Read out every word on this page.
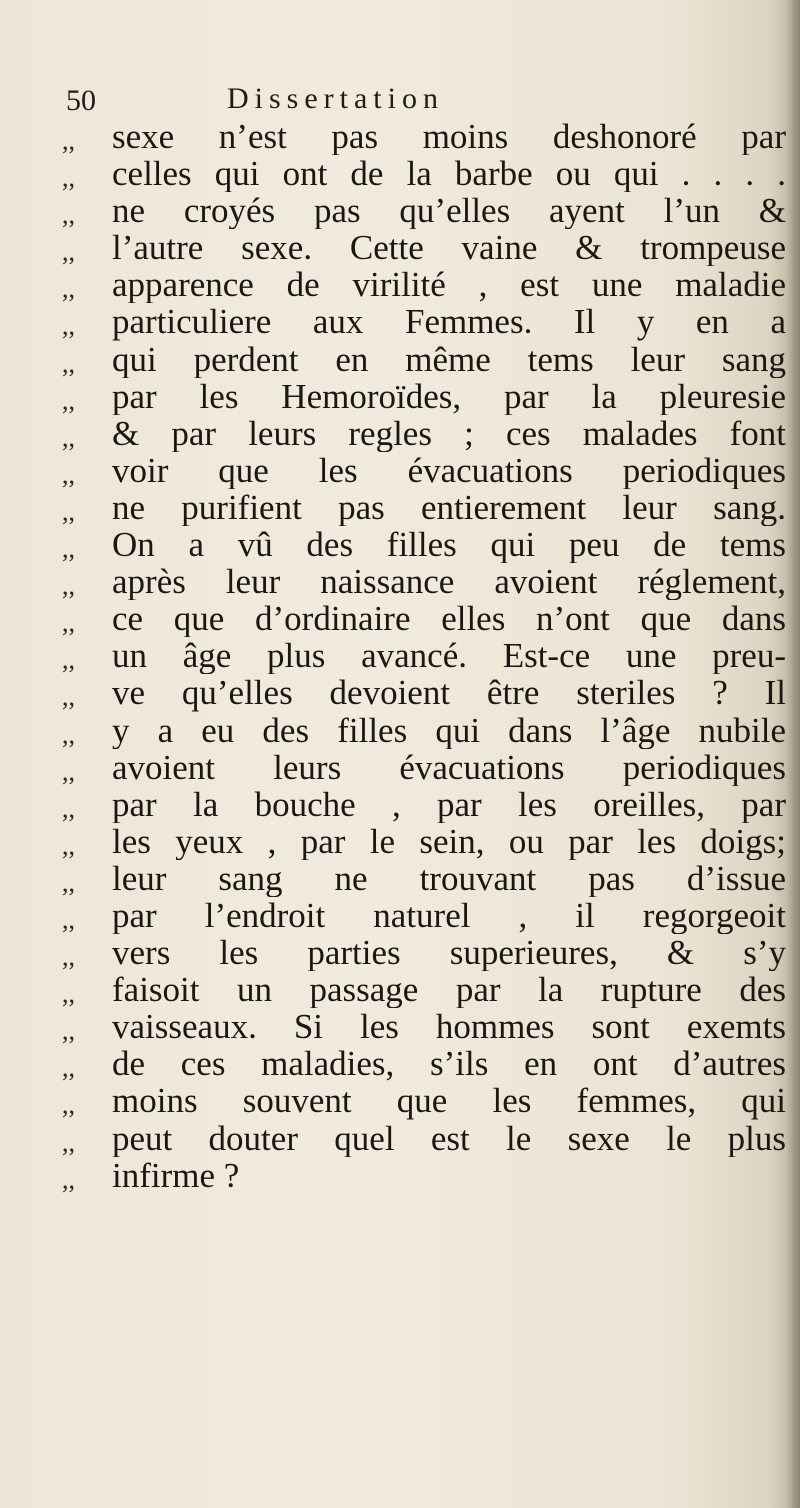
50	Dissertation
,, sexe n’est pas moins deshonoré par
,, celles qui ont de la barbe ou qui . . . .
,, ne croyés pas qu’elles ayent l’un &
,, l’autre sexe. Cette vaine & trompeuse
,, apparence de virilité , est une maladie
,, particuliere aux Femmes. Il y en a
,, qui perdent en même tems leur sang
,, par les Hemoroïdes, par la pleuresie
,, & par leurs regles ; ces malades font
,, voir que les évacuations periodiques
,, ne purifient pas entierement leur sang.
,, On a vû des filles qui peu de tems
,, après leur naissance avoient réglement,
,, ce que d’ordinaire elles n’ont que dans
,, un âge plus avancé. Est-ce une preu-
,, ve qu’elles devoient être steriles ? Il
,, y a eu des filles qui dans l’âge nubile
,, avoient leurs évacuations periodiques
,, par la bouche , par les oreilles, par
,, les yeux , par le sein, ou par les doigs;
,, leur sang ne trouvant pas d’issue
,, par l’endroit naturel , il regorgeoit
,, vers les parties superieures, & s’y
,, faisoit un passage par la rupture des
,, vaisseaux. Si les hommes sont exemts
,, de ces maladies, s’ils en ont d’autres
,, moins souvent que les femmes, qui
,, peut douter quel est le sexe le plus
,, infirme ?
